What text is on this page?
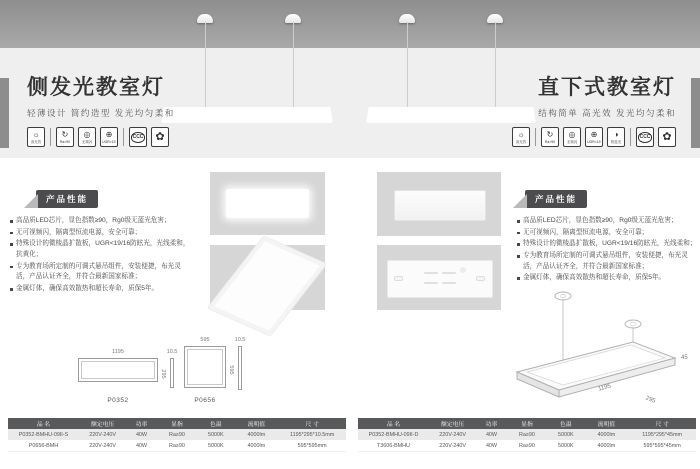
侧发光教室灯
轻薄设计 简约造型 发光均匀柔和
☼
高光效
↻
Ra>90
◎
无频闪
⊕
UGR<19
CCC ✿
直下式教室灯
结构简单 高光效 发光均匀柔和
☼
高光效
↻
Ra>90
◎
无频闪
⊕
UGR<19
◑
防蓝光
CCC ✿
产品性能
高品质LED芯片，显色指数≥90，Rg0级无蓝光危害；
无可视频闪，隔离型恒流电源，安全可靠；
特殊设计的微棱晶扩散板，UGR<19/16防眩光，光线柔和，抗黄化；
专为教育场所定制的可调式悬吊组件，安装便捷，布光灵活，产品认证齐全，并符合最新国家标准；
金属灯体，确保高效散热和超长寿命，质保5年。
产品性能
高品质LED芯片，显色指数≥90，Rg0级无蓝光危害；
无可视频闪，隔离型恒流电源，安全可靠；
特殊设计的微棱晶扩散板，UGR<19/16防眩光，光线柔和；
专为教育场所定制的可调式悬吊组件，安装便捷，布光灵活，产品认证齐全，并符合最新国家标准；
金属灯体，确保高效散热和超长寿命，质保5年。
1195
295
10.5
P0352
595
595
10.5
P0656
1195
295
45
品 名	额定电压	功率	显指	色温	流明值	尺 寸
P0352-BMHU-09II-S	220V-240V	40W	Ra≥90	5000K	4000lm	1195*295*10.5mm
P0656-BMH	220V-240V	40W	Ra≥90	5000K	4000lm	595*595mm
品 名	额定电压	功率	显指	色温	流明值	尺 寸
P0352-BMHU-09II-D	220V-240V	40W	Ra≥90	5000K	4000lm	1195*295*45mm
T3606-BMHU	220V-240V	40W	Ra≥90	5000K	4000lm	595*595*45mm
